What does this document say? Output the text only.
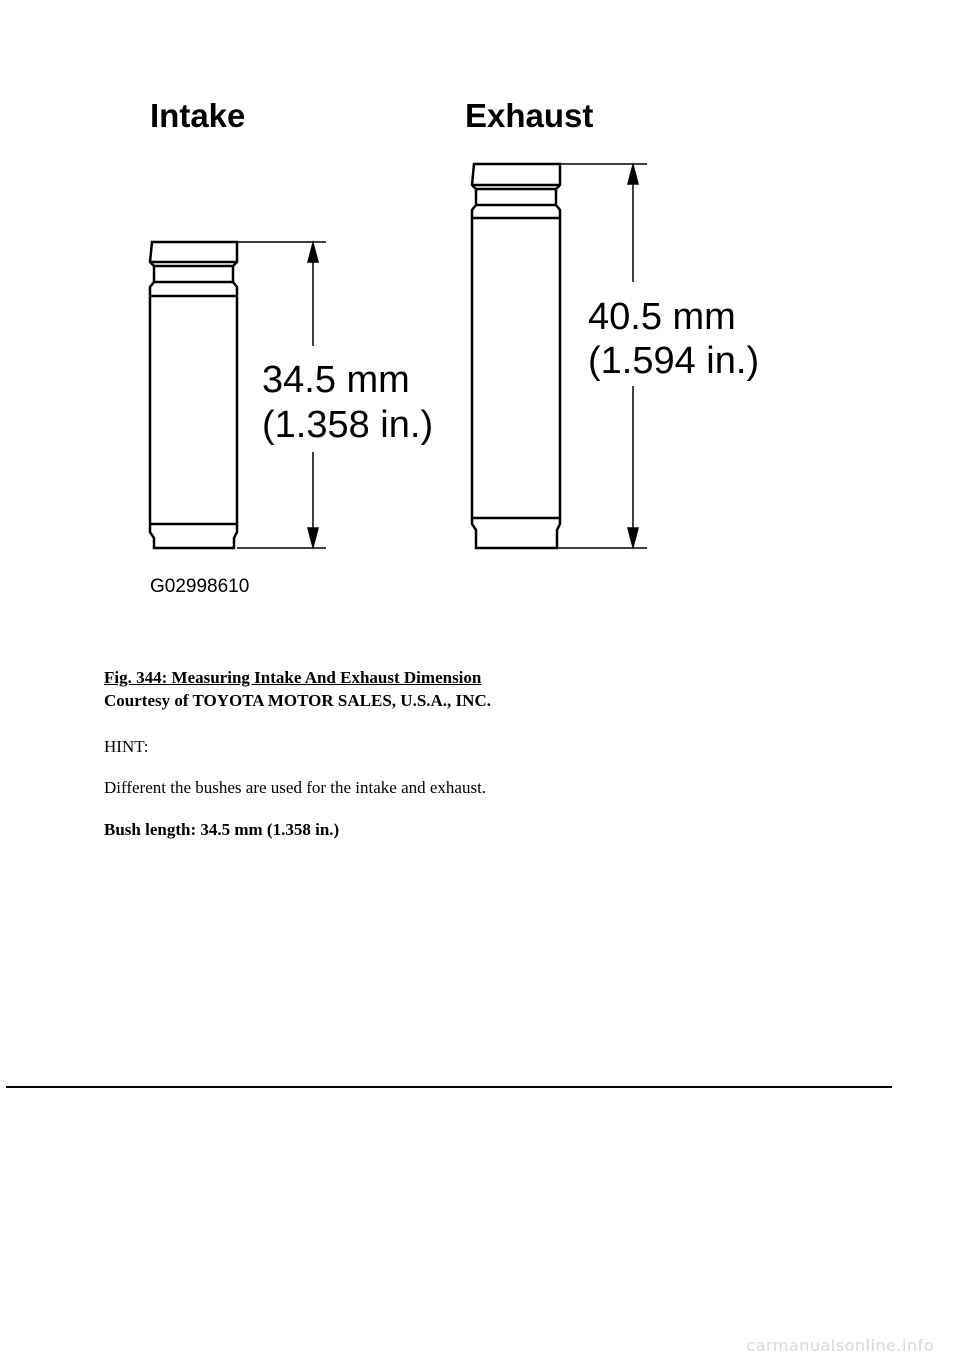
Intake	Exhaust
34.5 mm
(1.358 in.)
40.5 mm
(1.594 in.)
G02998610

Fig. 344: Measuring Intake And Exhaust Dimension

Courtesy of TOYOTA MOTOR SALES, U.S.A., INC.

HINT:

Different the bushes are used for the intake and exhaust.

Bush length: 34.5 mm (1.358 in.)

carmanualsonline.info
